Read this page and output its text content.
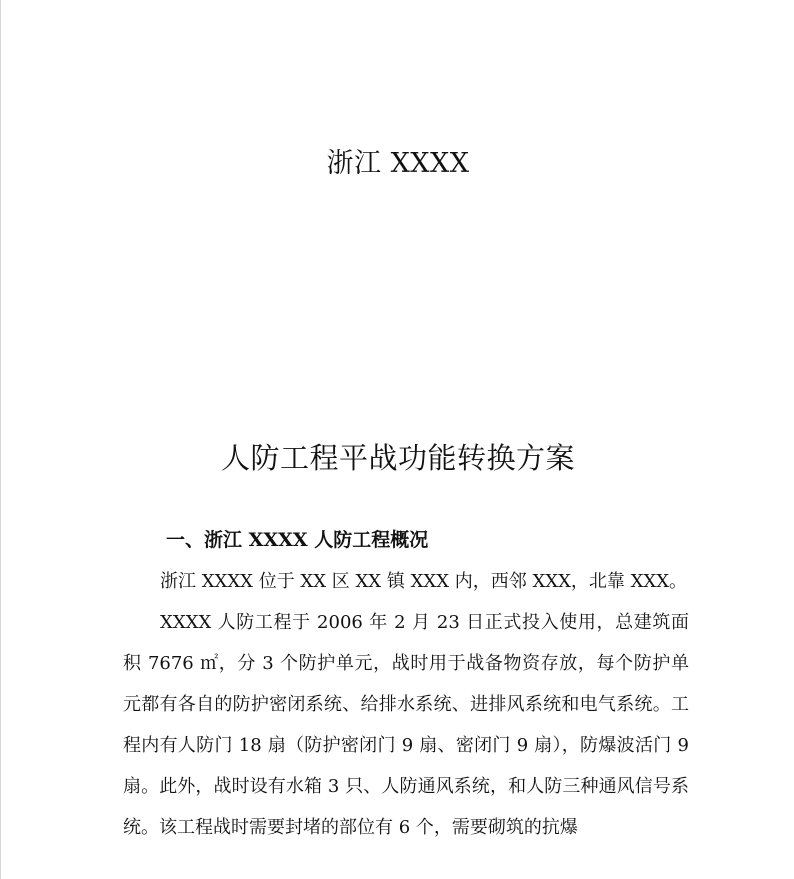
浙江 XXXX
人防工程平战功能转换方案
一、浙江 XXXX 人防工程概况
浙江 XXXX 位于 XX 区 XX 镇 XXX 内，西邻 XXX，北靠 XXX。
XXXX 人防工程于 2006 年 2 月 23 日正式投入使用，总建筑面积 7676 ㎡，分 3 个防护单元，战时用于战备物资存放，每个防护单元都有各自的防护密闭系统、给排水系统、进排风系统和电气系统。工程内有人防门 18 扇（防护密闭门 9 扇、密闭门 9 扇），防爆波活门 9 扇。此外，战时设有水箱 3 只、人防通风系统，和人防三种通风信号系统。该工程战时需要封堵的部位有 6 个，需要砌筑的抗爆
